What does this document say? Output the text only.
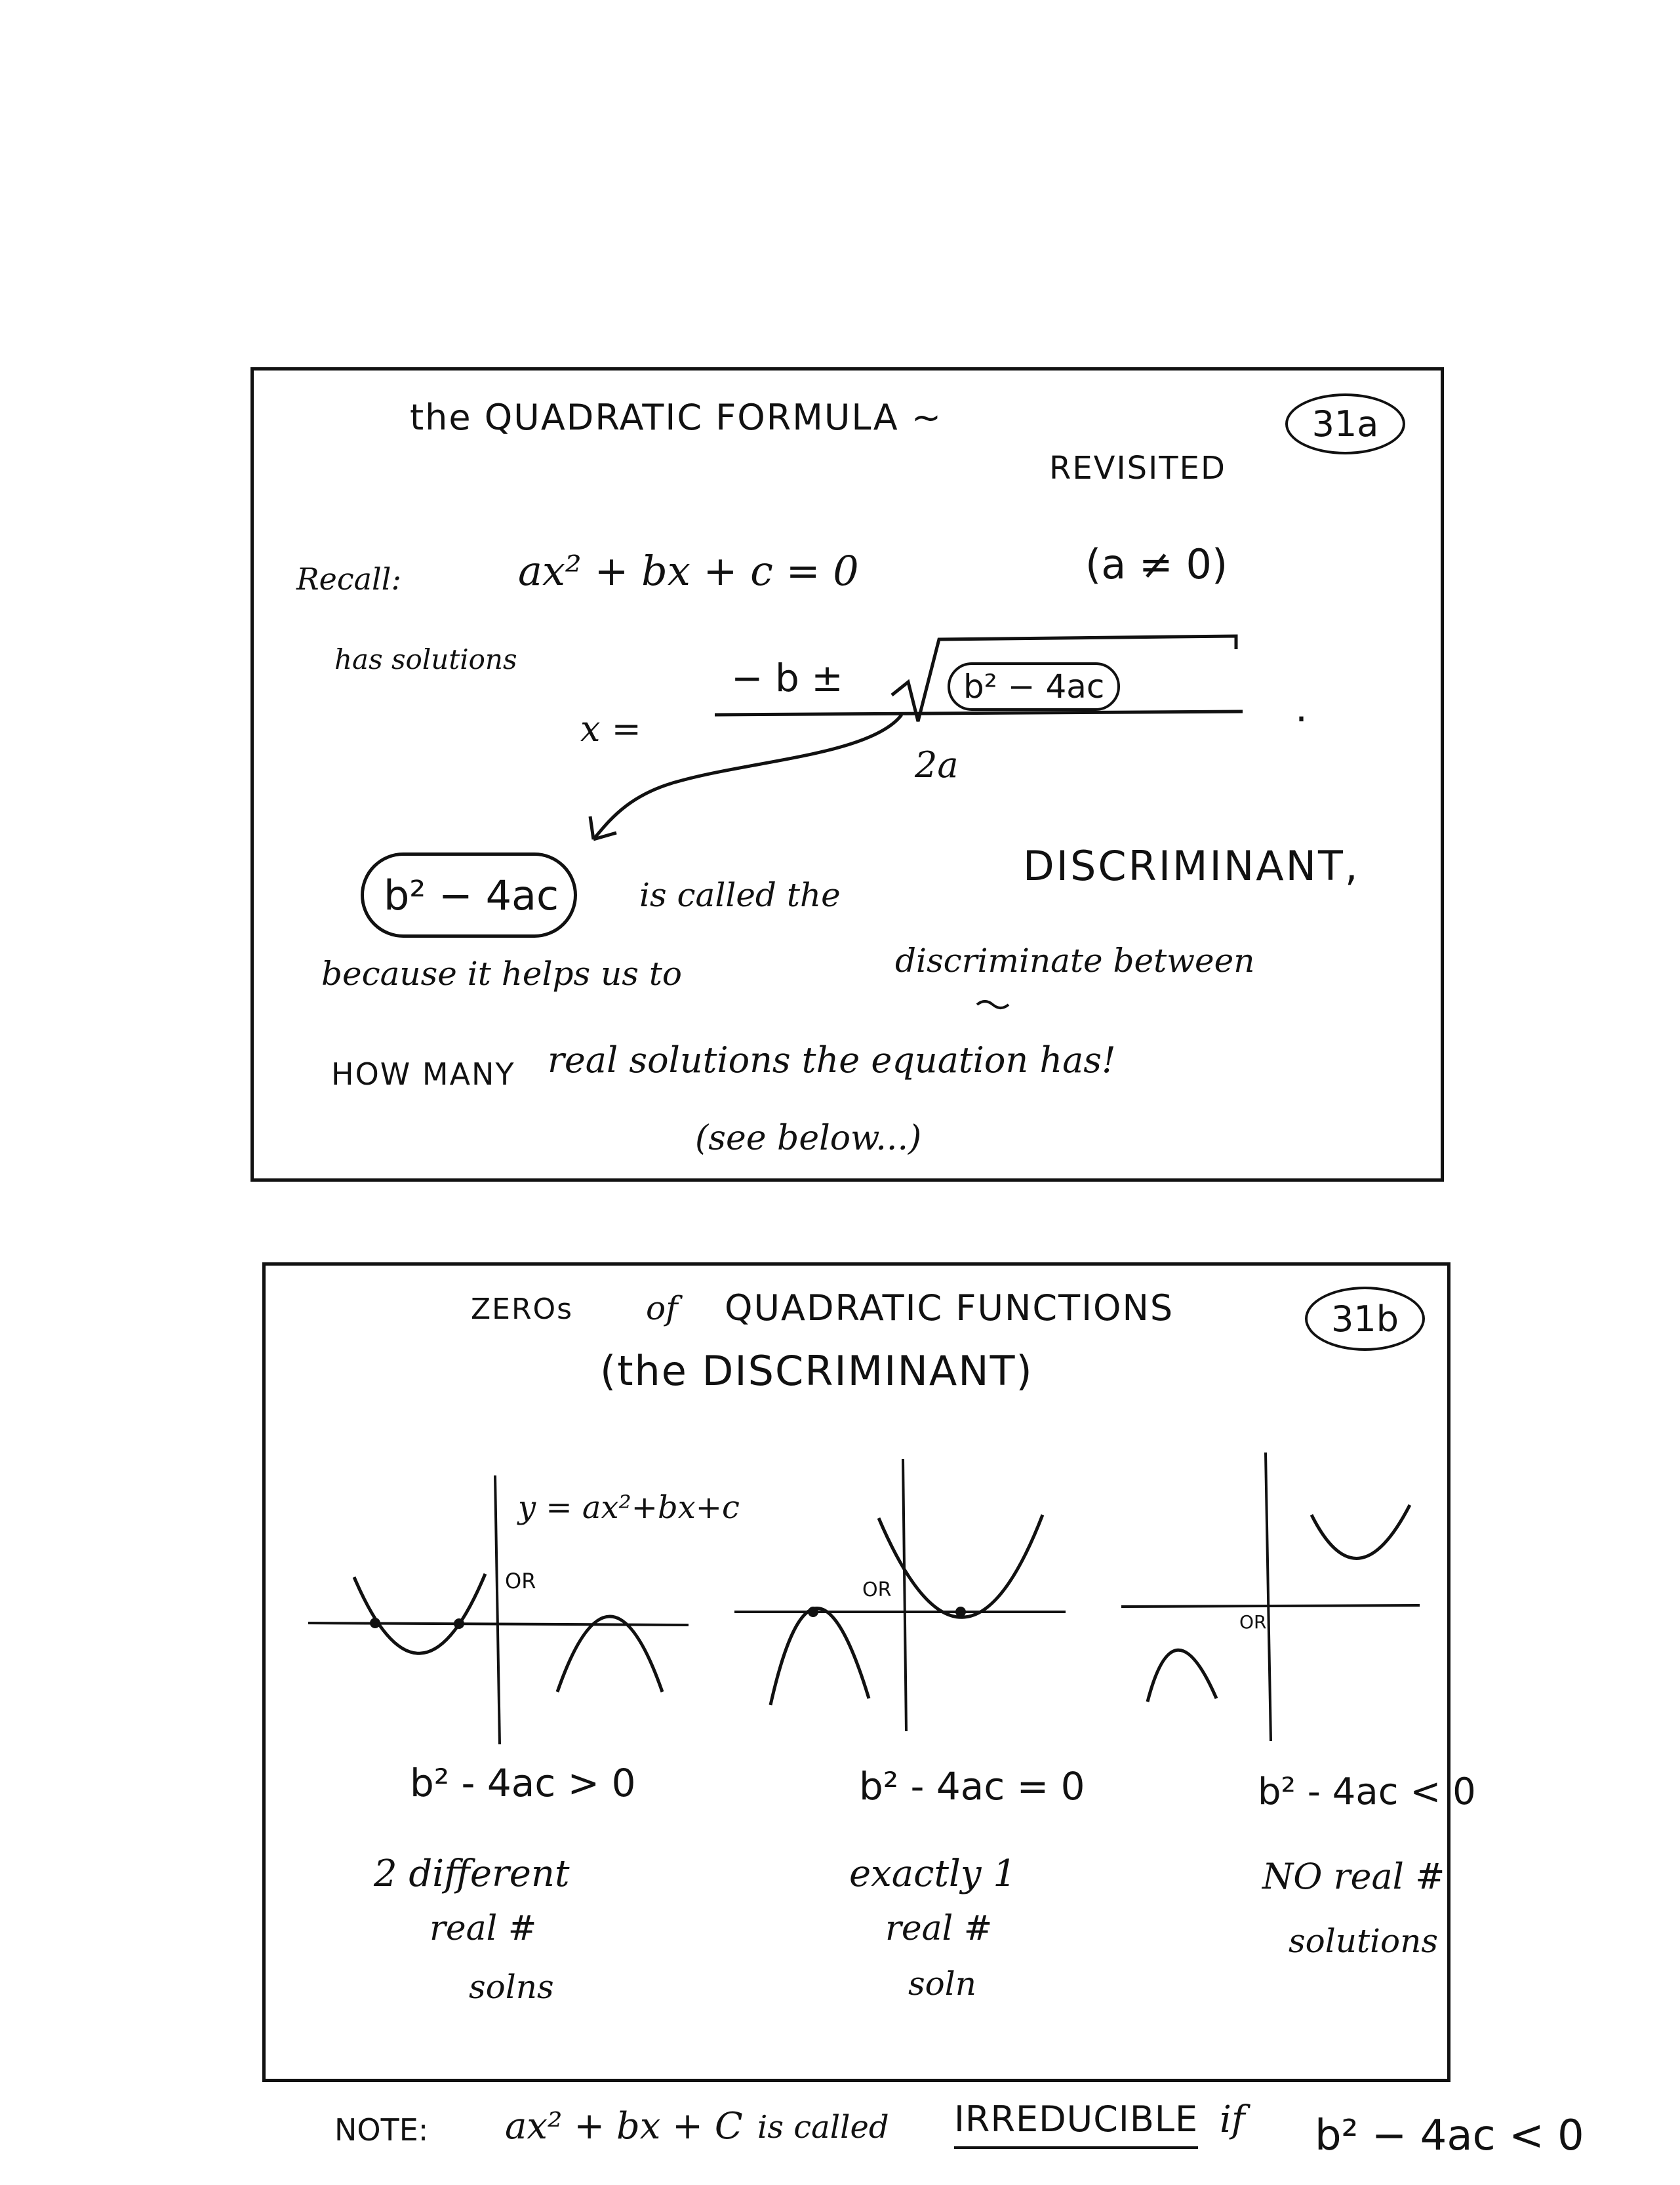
the QUADRATIC FORMULA ~
REVISITED
31a
Recall:	ax² + bx + c = 0	(a ≠ 0)
has solutions
x =
− b ±	b² − 4ac
2a
.
b² − 4ac is called the
DISCRIMINANT,
because it helps us to	discriminate between
HOW MANY real solutions the equation has!
(see below...)
ZEROs of QUADRATIC FUNCTIONS
(the DISCRIMINANT)
31b
y = ax²+bx+c
OR	OR
OR
b² - 4ac > 0
2 different
real #
solns
b² - 4ac = 0
exactly 1
real #
soln
b² - 4ac < 0
NO real #
solutions
NOTE: ax² + bx + C is called IRREDUCIBLE if b² − 4ac < 0
